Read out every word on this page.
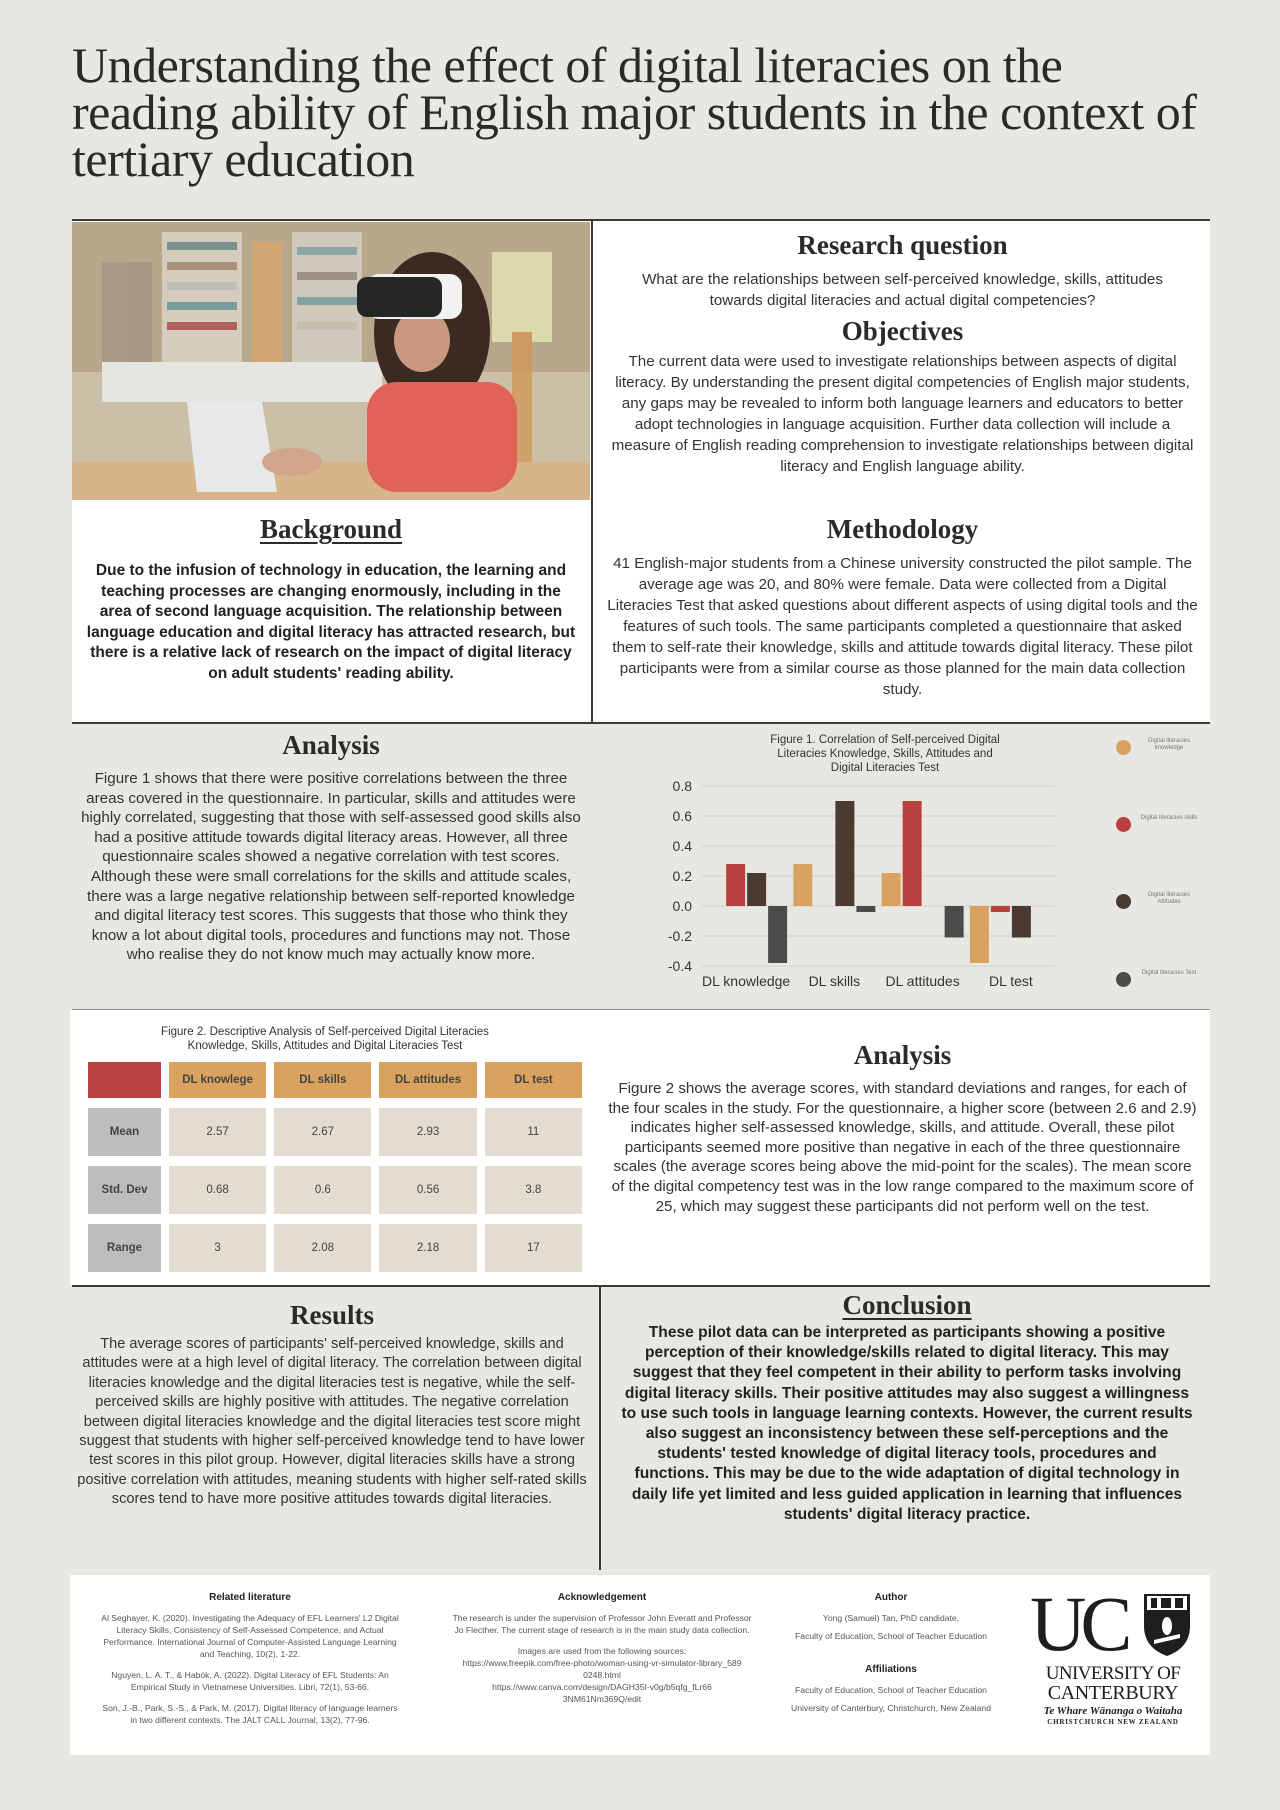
Understanding the effect of digital literacies on the reading ability of English major students in the context of tertiary education
Background

Due to the infusion of technology in education, the learning and teaching processes are changing enormously, including in the area of second language acquisition. The relationship between language education and digital literacy has attracted research, but there is a relative lack of research on the impact of digital literacy on adult students' reading ability.

Research question

What are the relationships between self-perceived knowledge, skills, attitudes towards digital literacies and actual digital competencies?

Objectives

The current data were used to investigate relationships between aspects of digital literacy. By understanding the present digital competencies of English major students, any gaps may be revealed to inform both language learners and educators to better adopt technologies in language acquisition. Further data collection will include a measure of English reading comprehension to investigate relationships between digital literacy and English language ability.

Methodology

41 English-major students from a Chinese university constructed the pilot sample. The average age was 20, and 80% were female. Data were collected from a Digital Literacies Test that asked questions about different aspects of using digital tools and the features of such tools. The same participants completed a questionnaire that asked them to self-rate their knowledge, skills and attitude towards digital literacy. These pilot participants were from a similar course as those planned for the main data collection study.

Analysis

Figure 1 shows that there were positive correlations between the three areas covered in the questionnaire. In particular, skills and attitudes were highly correlated, suggesting that those with self-assessed good skills also had a positive attitude towards digital literacy areas. However, all three questionnaire scales showed a negative correlation with test scores. Although these were small correlations for the skills and attitude scales, there was a large negative relationship between self-reported knowledge and digital literacy test scores. This suggests that those who think they know a lot about digital tools, procedures and functions may not. Those who realise they do not know much may actually know more.

Figure 1. Correlation of Self-perceived Digital Literacies Knowledge, Skills, Attitudes and Digital Literacies Test
0.8
0.6
0.4
0.2
0.0
-0.2
-0.4
DL knowledge DL skills DL attitudes DL test
Digital literacies knowledge
Digital literacies skills
Digital literacies Attitudes
Digital literacies Test
Figure 2. Descriptive Analysis of Self-perceived Digital Literacies Knowledge, Skills, Attitudes and Digital Literacies Test
	DL knowlege	DL skills	DL attitudes	DL test
Mean	2.57	2.67	2.93	11
Std. Dev	0.68	0.6	0.56	3.8
Range	3	2.08	2.18	17
Analysis

Figure 2 shows the average scores, with standard deviations and ranges, for each of the four scales in the study. For the questionnaire, a higher score (between 2.6 and 2.9) indicates higher self-assessed knowledge, skills, and attitude. Overall, these pilot participants seemed more positive than negative in each of the three questionnaire scales (the average scores being above the mid-point for the scales). The mean score of the digital competency test was in the low range compared to the maximum score of 25, which may suggest these participants did not perform well on the test.

Results

The average scores of participants' self-perceived knowledge, skills and attitudes were at a high level of digital literacy. The correlation between digital literacies knowledge and the digital literacies test is negative, while the self-perceived skills are highly positive with attitudes. The negative correlation between digital literacies knowledge and the digital literacies test score might suggest that students with higher self-perceived knowledge tend to have lower test scores in this pilot group. However, digital literacies skills have a strong positive correlation with attitudes, meaning students with higher self-rated skills scores tend to have more positive attitudes towards digital literacies.

Conclusion

These pilot data can be interpreted as participants showing a positive perception of their knowledge/skills related to digital literacy. This may suggest that they feel competent in their ability to perform tasks involving digital literacy skills. Their positive attitudes may also suggest a willingness to use such tools in language learning contexts. However, the current results also suggest an inconsistency between these self-perceptions and the students' tested knowledge of digital literacy tools, procedures and functions. This may be due to the wide adaptation of digital technology in daily life yet limited and less guided application in learning that influences students' digital literacy practice.

Related literature

Al Seghayer, K. (2020). Investigating the Adequacy of EFL Learners' L2 Digital Literacy Skills, Consistency of Self-Assessed Competence, and Actual Performance. International Journal of Computer-Assisted Language Learning and Teaching, 10(2), 1-22.

Nguyen, L. A. T., & Habók, A. (2022). Digital Literacy of EFL Students: An Empirical Study in Vietnamese Universities. Libri, 72(1), 53-66.

Son, J.-B., Park, S.-S., & Park, M. (2017). Digital literacy of language learners in two different contexts. The JALT CALL Journal, 13(2), 77-96.

Acknowledgement

The research is under the supervision of Professor John Everatt and Professor Jo Flecther. The current stage of research is in the main study data collection.

Images are used from the following sources:

https://www.freepik.com/free-photo/woman-using-vr-simulator-library_5890248.html

https://www.canva.com/design/DAGH35I-v0g/b5qfg_fLr663NM61Nm369Q/edit

Author

Yong (Samuel) Tan, PhD candidate,

Faculty of Education, School of Teacher Education

Affiliations

Faculty of Education, School of Teacher Education

University of Canterbury, Christchurch, New Zealand

UC
UNIVERSITY OF
CANTERBURY
Te Whare Wānanga o Waitaha
CHRISTCHURCH NEW ZEALAND
